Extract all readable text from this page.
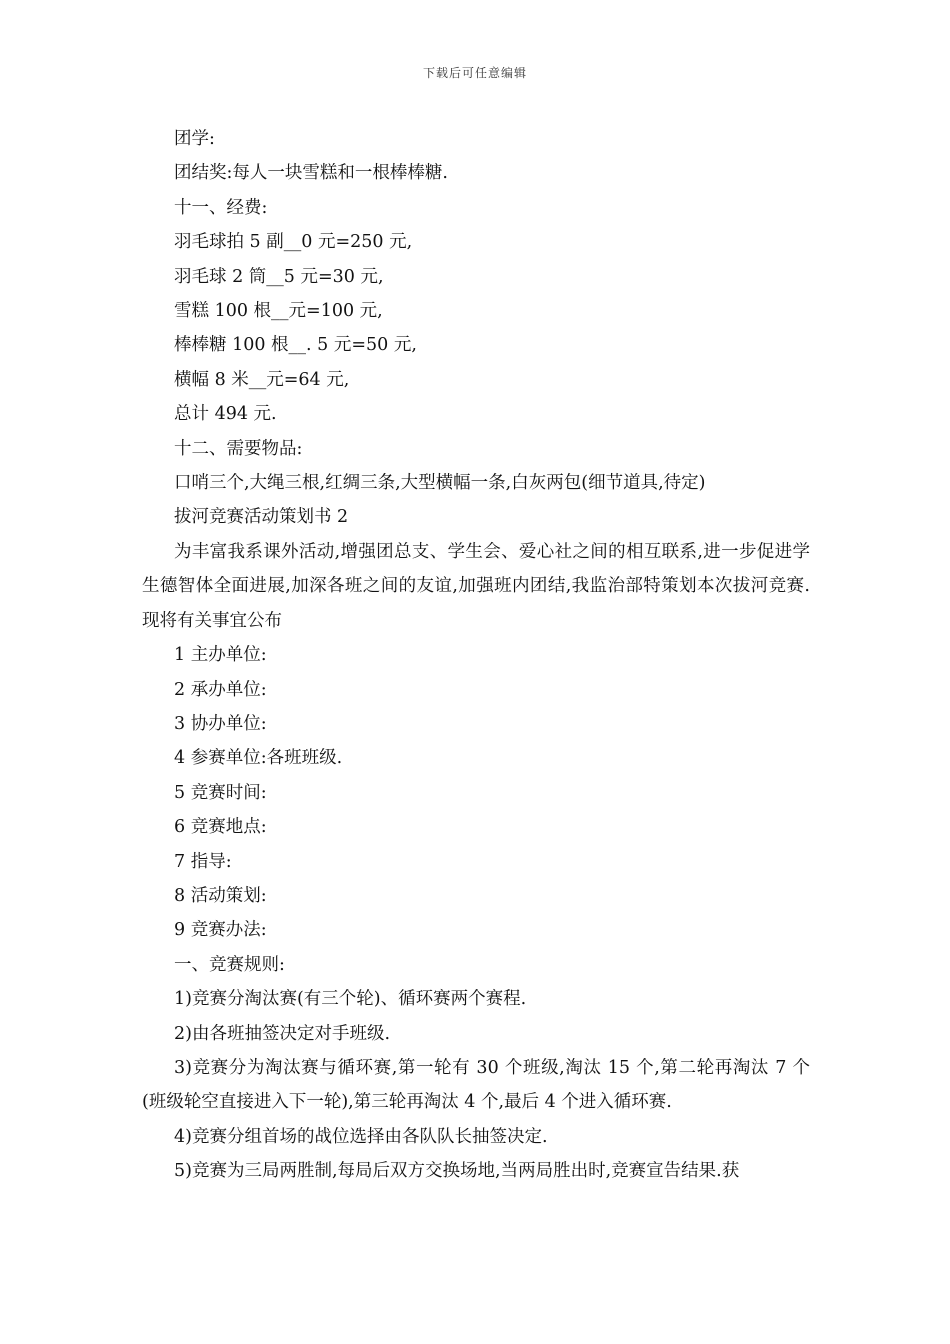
下载后可任意编辑
团学:
团结奖:每人一块雪糕和一根棒棒糖.
十一、经费:
羽毛球拍 5 副__0 元=250 元,
羽毛球 2 筒__5 元=30 元,
雪糕 100 根__元=100 元,
棒棒糖 100 根__. 5 元=50 元,
横幅 8 米__元=64 元,
总计 494 元.
十二、需要物品:
口哨三个,大绳三根,红绸三条,大型横幅一条,白灰两包(细节道具,待定)
拔河竞赛活动策划书 2
为丰富我系课外活动,增强团总支、学生会、爱心社之间的相互联系,进一步促进学生德智体全面进展,加深各班之间的友谊,加强班内团结,我监治部特策划本次拔河竞赛.现将有关事宜公布
1 主办单位:
2 承办单位:
3 协办单位:
4 参赛单位:各班班级.
5 竞赛时间:
6 竞赛地点:
7 指导:
8 活动策划:
9 竞赛办法:
一、竞赛规则:
1)竞赛分淘汰赛(有三个轮)、循环赛两个赛程.
2)由各班抽签决定对手班级.
3)竞赛分为淘汰赛与循环赛,第一轮有 30 个班级,淘汰 15 个,第二轮再淘汰 7 个(班级轮空直接进入下一轮),第三轮再淘汰 4 个,最后 4 个进入循环赛.
4)竞赛分组首场的战位选择由各队队长抽签决定.
5)竞赛为三局两胜制,每局后双方交换场地,当两局胜出时,竞赛宣告结果.获
